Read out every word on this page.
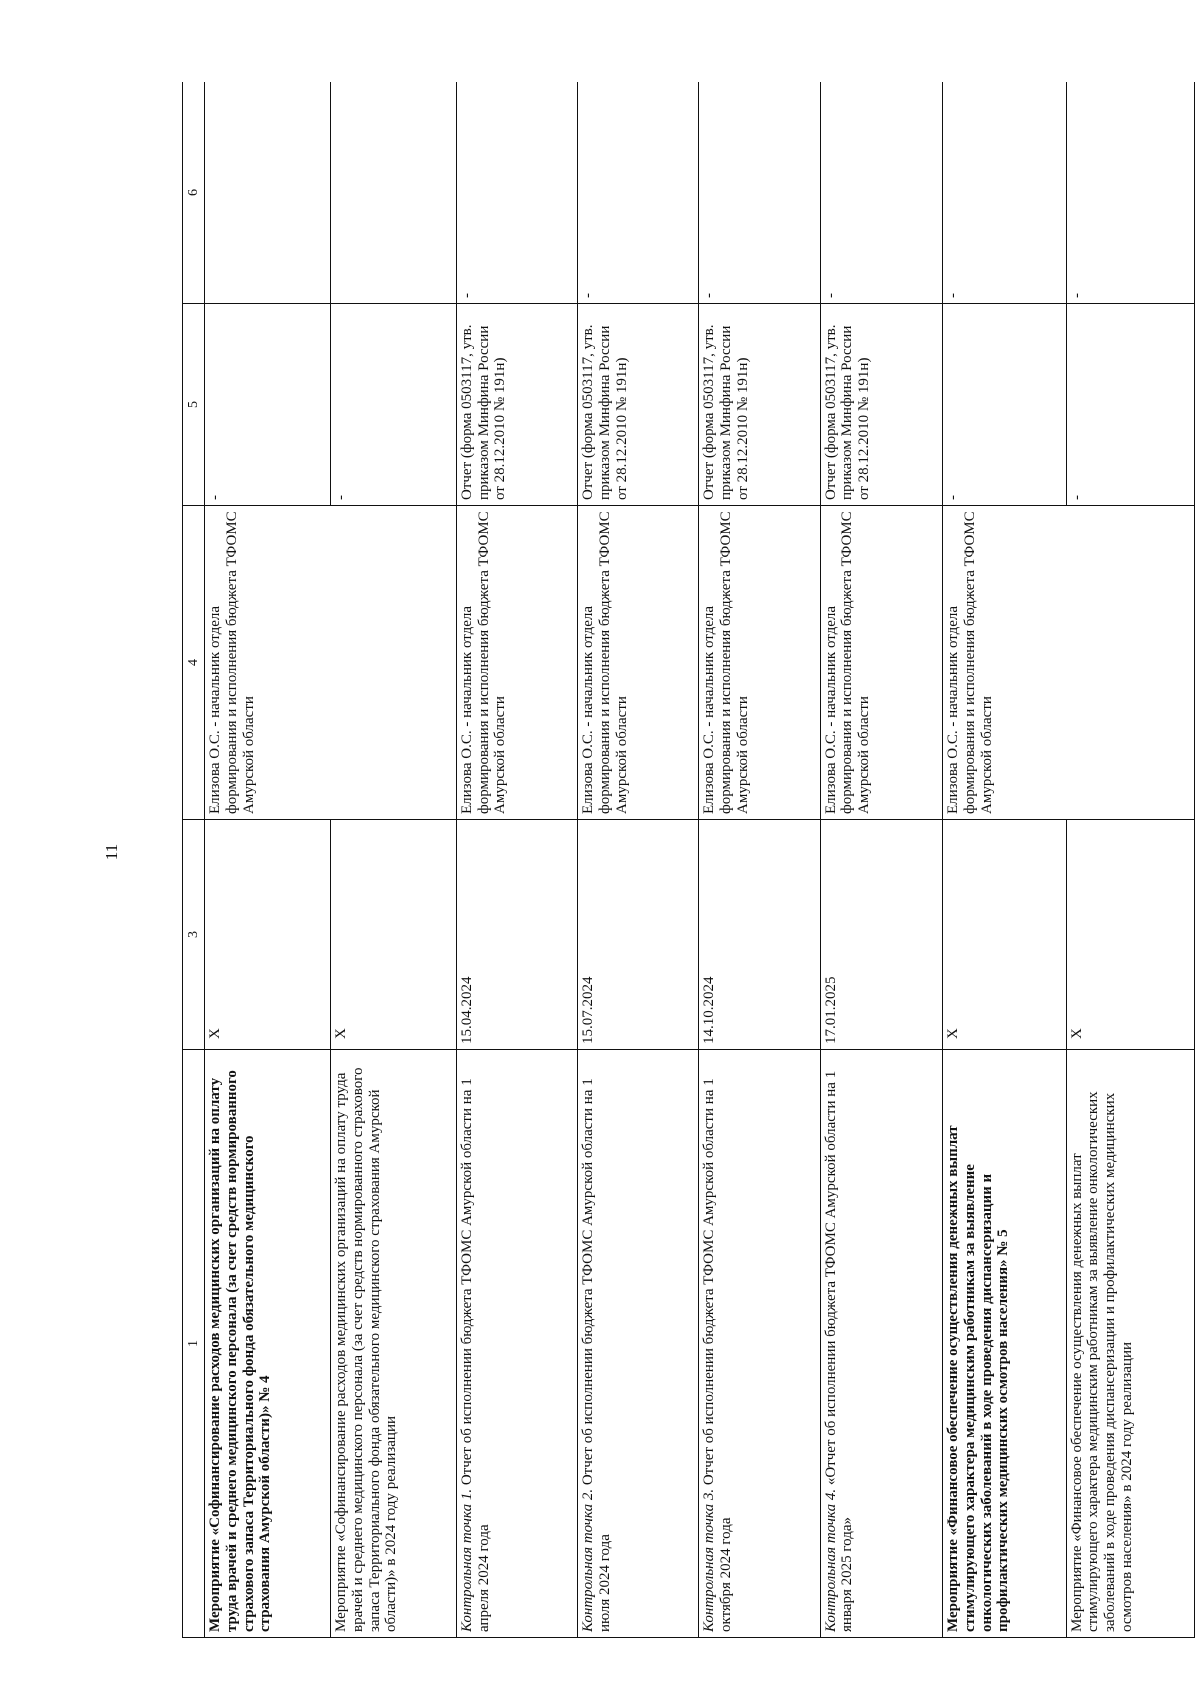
11
1	3	4	5	6
Мероприятие «Софинансирование расходов медицинских организаций на оплату труда врачей и среднего медицинского персонала (за счет средств нормированного страхового запаса Территориального фонда обязательного медицинского страхования Амурской области)» № 4	X	Елизова О.С. - начальник отдела формирования и исполнения бюджета ТФОМС Амурской области	-	
Мероприятие «Софинансирование расходов медицинских организаций на оплату труда врачей и среднего медицинского персонала (за счет средств нормированного страхового запаса Территориального фонда обязательного медицинского страхования Амурской области)» в 2024 году реализации	X		-	
Контрольная точка 1. Отчет об исполнении бюджета ТФОМС Амурской области на 1 апреля 2024 года	15.04.2024	Елизова О.С. - начальник отдела формирования и исполнения бюджета ТФОМС Амурской области	Отчет (форма 0503117, утв. приказом Минфина России от 28.12.2010 № 191н)	-
Контрольная точка 2. Отчет об исполнении бюджета ТФОМС Амурской области на 1 июля 2024 года	15.07.2024	Елизова О.С. - начальник отдела формирования и исполнения бюджета ТФОМС Амурской области	Отчет (форма 0503117, утв. приказом Минфина России от 28.12.2010 № 191н)	-
Контрольная точка 3. Отчет об исполнении бюджета ТФОМС Амурской области на 1 октября 2024 года	14.10.2024	Елизова О.С. - начальник отдела формирования и исполнения бюджета ТФОМС Амурской области	Отчет (форма 0503117, утв. приказом Минфина России от 28.12.2010 № 191н)	-
Контрольная точка 4. «Отчет об исполнении бюджета ТФОМС Амурской области на 1 января 2025 года»	17.01.2025	Елизова О.С. - начальник отдела формирования и исполнения бюджета ТФОМС Амурской области	Отчет (форма 0503117, утв. приказом Минфина России от 28.12.2010 № 191н)	-
Мероприятие «Финансовое обеспечение осуществления денежных выплат стимулирующего характера медицинским работникам за выявление онкологических заболеваний в ходе проведения диспансеризации и профилактических медицинских осмотров населения» № 5	X	Елизова О.С. - начальник отдела формирования и исполнения бюджета ТФОМС Амурской области	-	-
Мероприятие «Финансовое обеспечение осуществления денежных выплат стимулирующего характера медицинским работникам за выявление онкологических заболеваний в ходе проведения диспансеризации и профилактических медицинских осмотров населения» в 2024 году реализации	X		-	-
